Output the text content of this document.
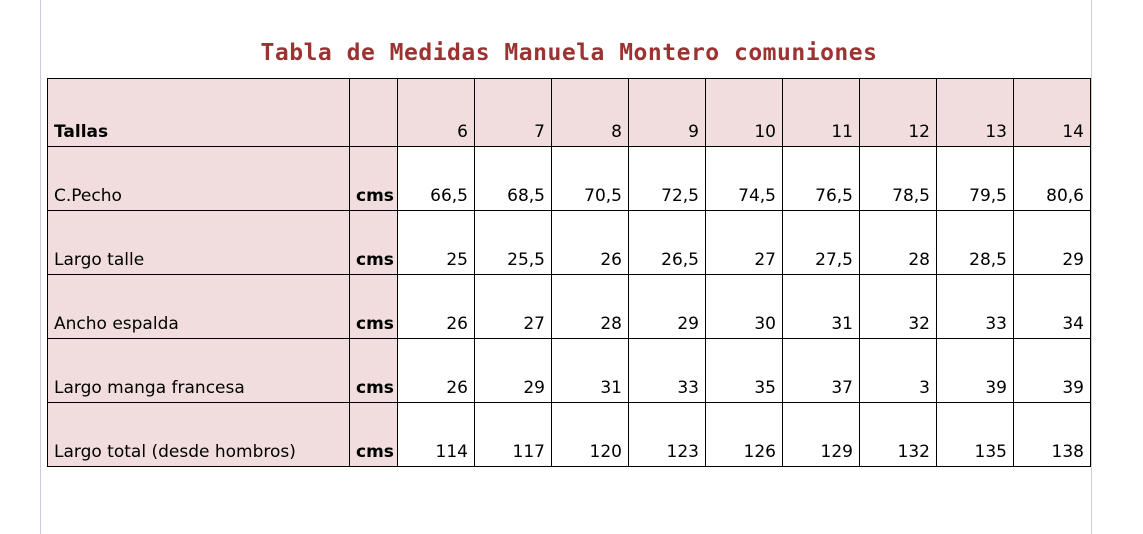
Tabla de Medidas Manuela Montero comuniones
Tallas		6	7	8	9	10	11	12	13	14
C.Pecho	cms	66,5	68,5	70,5	72,5	74,5	76,5	78,5	79,5	80,6
Largo talle	cms	25	25,5	26	26,5	27	27,5	28	28,5	29
Ancho espalda	cms	26	27	28	29	30	31	32	33	34
Largo manga francesa	cms	26	29	31	33	35	37	3	39	39
Largo total (desde hombros)	cms	114	117	120	123	126	129	132	135	138
